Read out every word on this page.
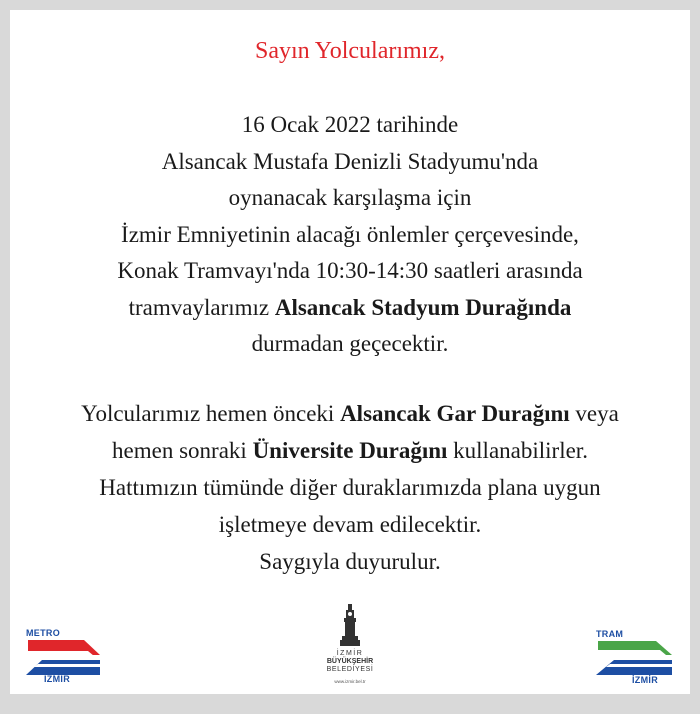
Sayın Yolcularımız,
16 Ocak 2022 tarihinde
Alsancak Mustafa Denizli Stadyumu'nda
oynanacak karşılaşma için
İzmir Emniyetinin alacağı önlemler çerçevesinde,
Konak Tramvayı'nda 10:30-14:30 saatleri arasında
tramvaylarımız Alsancak Stadyum Durağında
durmadan geçecektir.
Yolcularımız hemen önceki Alsancak Gar Durağını veya
hemen sonraki Üniversite Durağını kullanabilirler.
Hattımızın tümünde diğer duraklarımızda plana uygun
işletmeye devam edilecektir.
Saygıyla duyurulur.
METRO
İZMİR
İZMİR
BÜYÜKŞEHİR
BELEDİYESİ
www.izmir.bel.tr
TRAM
İZMİR
